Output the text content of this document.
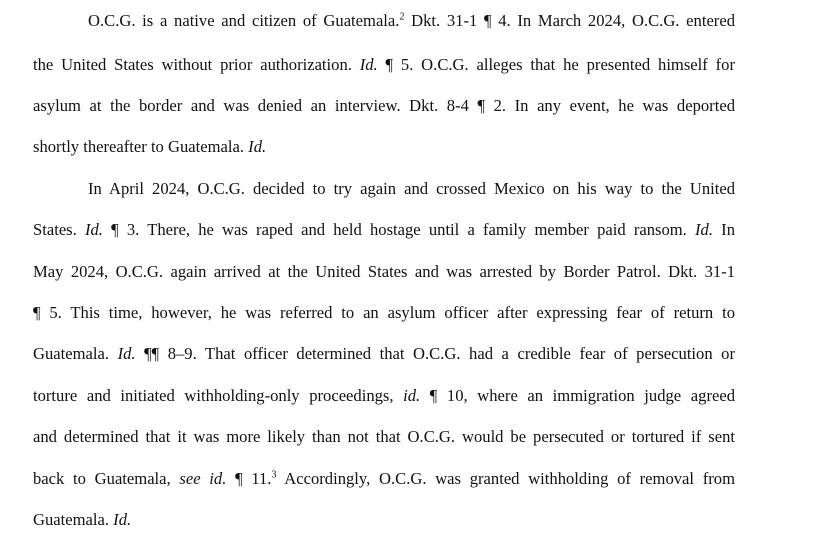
O.C.G. is a native and citizen of Guatemala.$^2$ Dkt. 31-1 ¶ 4. In March 2024, O.C.G. entered
the United States without prior authorization. Id. ¶ 5. O.C.G. alleges that he presented himself for
asylum at the border and was denied an interview. Dkt. 8-4 ¶ 2. In any event, he was deported
shortly thereafter to Guatemala. Id.
In April 2024, O.C.G. decided to try again and crossed Mexico on his way to the United
States. Id. ¶ 3. There, he was raped and held hostage until a family member paid ransom. Id. In
May 2024, O.C.G. again arrived at the United States and was arrested by Border Patrol. Dkt. 31-1
¶ 5. This time, however, he was referred to an asylum officer after expressing fear of return to
Guatemala. Id. ¶¶ 8–9. That officer determined that O.C.G. had a credible fear of persecution or
torture and initiated withholding-only proceedings, id. ¶ 10, where an immigration judge agreed
and determined that it was more likely than not that O.C.G. would be persecuted or tortured if sent
back to Guatemala, see id. ¶ 11.$^3$ Accordingly, O.C.G. was granted withholding of removal from
Guatemala. Id.
